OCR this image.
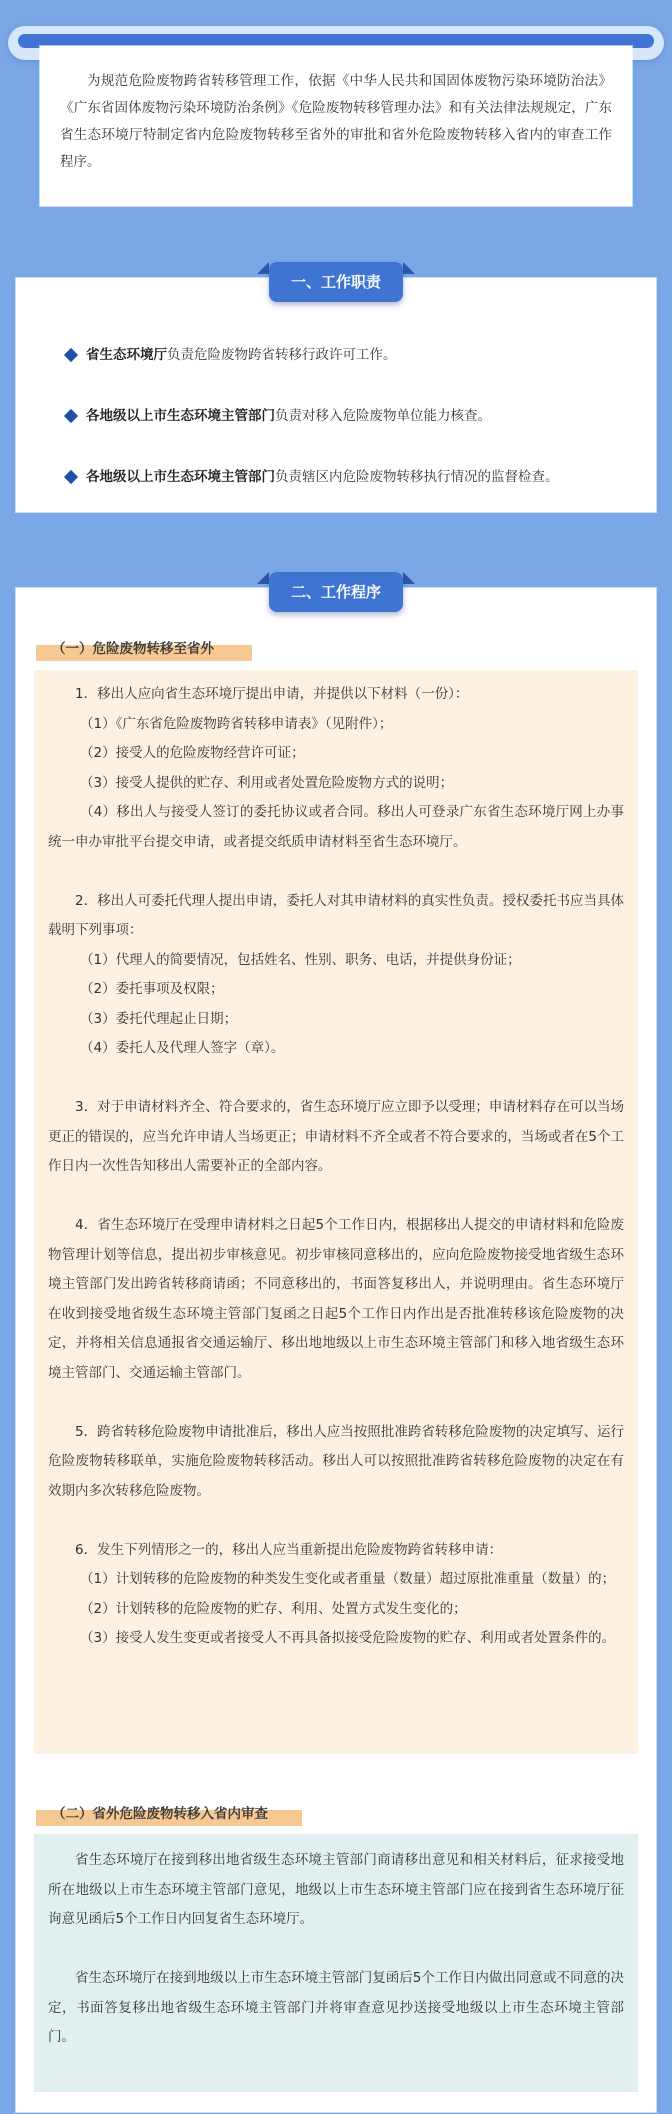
为规范危险废物跨省转移管理工作，依据《中华人民共和国固体废物污染环境防治法》《广东省固体废物污染环境防治条例》《危险废物转移管理办法》和有关法律法规规定，广东省生态环境厅特制定省内危险废物转移至省外的审批和省外危险废物转移入省内的审查工作程序。

一、工作职责
省生态环境厅负责危险废物跨省转移行政许可工作。
各地级以上市生态环境主管部门负责对移入危险废物单位能力核查。
各地级以上市生态环境主管部门负责辖区内危险废物转移执行情况的监督检查。
二、工作程序
（一）危险废物转移至省外

1．移出人应向省生态环境厅提出申请，并提供以下材料（一份）：

（1）《广东省危险废物跨省转移申请表》（见附件）；

（2）接受人的危险废物经营许可证；

（3）接受人提供的贮存、利用或者处置危险废物方式的说明；

（4）移出人与接受人签订的委托协议或者合同。移出人可登录广东省生态环境厅网上办事统一申办审批平台提交申请，或者提交纸质申请材料至省生态环境厅。

2．移出人可委托代理人提出申请，委托人对其申请材料的真实性负责。授权委托书应当具体载明下列事项：

（1）代理人的简要情况，包括姓名、性别、职务、电话，并提供身份证；

（2）委托事项及权限；

（3）委托代理起止日期；

（4）委托人及代理人签字（章）。

3．对于申请材料齐全、符合要求的，省生态环境厅应立即予以受理；申请材料存在可以当场更正的错误的，应当允许申请人当场更正；申请材料不齐全或者不符合要求的，当场或者在5个工作日内一次性告知移出人需要补正的全部内容。

4．省生态环境厅在受理申请材料之日起5个工作日内，根据移出人提交的申请材料和危险废物管理计划等信息，提出初步审核意见。初步审核同意移出的，应向危险废物接受地省级生态环境主管部门发出跨省转移商请函；不同意移出的，书面答复移出人，并说明理由。省生态环境厅在收到接受地省级生态环境主管部门复函之日起5个工作日内作出是否批准转移该危险废物的决定，并将相关信息通报省交通运输厅、移出地地级以上市生态环境主管部门和移入地省级生态环境主管部门、交通运输主管部门。

5．跨省转移危险废物申请批准后，移出人应当按照批准跨省转移危险废物的决定填写、运行危险废物转移联单，实施危险废物转移活动。移出人可以按照批准跨省转移危险废物的决定在有效期内多次转移危险废物。

6．发生下列情形之一的，移出人应当重新提出危险废物跨省转移申请：

（1）计划转移的危险废物的种类发生变化或者重量（数量）超过原批准重量（数量）的；

（2）计划转移的危险废物的贮存、利用、处置方式发生变化的；

（3）接受人发生变更或者接受人不再具备拟接受危险废物的贮存、利用或者处置条件的。

（二）省外危险废物转移入省内审查

省生态环境厅在接到移出地省级生态环境主管部门商请移出意见和相关材料后，征求接受地所在地级以上市生态环境主管部门意见，地级以上市生态环境主管部门应在接到省生态环境厅征询意见函后5个工作日内回复省生态环境厅。

省生态环境厅在接到地级以上市生态环境主管部门复函后5个工作日内做出同意或不同意的决定，书面答复移出地省级生态环境主管部门并将审查意见抄送接受地级以上市生态环境主管部门。
